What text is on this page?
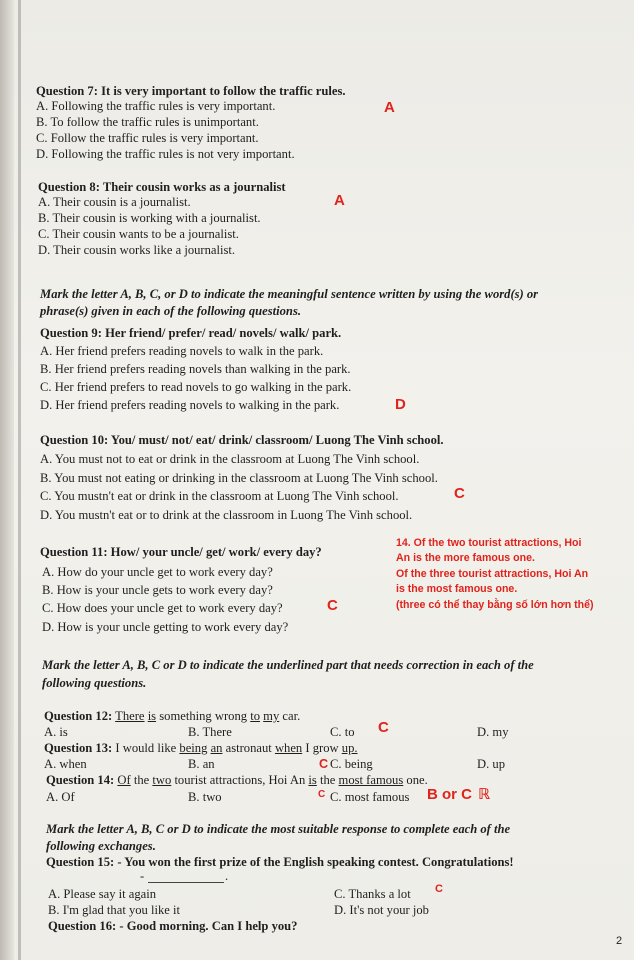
Question 7: It is very important to follow the traffic rules.
A. Following the traffic rules is very important.
B. To follow the traffic rules is unimportant.
C. Follow the traffic rules is very important.
D. Following the traffic rules is not very important.
A
Question 8: Their cousin works as a journalist
A. Their cousin is a journalist.
B. Their cousin is working with a journalist.
C. Their cousin wants to be a journalist.
D. Their cousin works like a journalist.
A
Mark the letter A, B, C, or D to indicate the meaningful sentence written by using the word(s) or
phrase(s) given in each of the following questions.
Question 9: Her friend/ prefer/ read/ novels/ walk/ park.
A. Her friend prefers reading novels to walk in the park.
B. Her friend prefers reading novels than walking in the park.
C. Her friend prefers to read novels to go walking in the park.
D. Her friend prefers reading novels to walking in the park.	D
Question 10: You/ must/ not/ eat/ drink/ classroom/ Luong The Vinh school.
A. You must not to eat or drink in the classroom at Luong The Vinh school.
B. You must not eating or drinking in the classroom at Luong The Vinh school.
C. You mustn't eat or drink in the classroom at Luong The Vinh school.
D. You mustn't eat or to drink at the classroom in Luong The Vinh school.
C
Question 11: How/ your uncle/ get/ work/ every day?
A. How do your uncle get to work every day?
B. How is your uncle gets to work every day?
C. How does your uncle get to work every day?
D. How is your uncle getting to work every day?
C
14. Of the two tourist attractions, Hoi
An is the more famous one.
Of the three tourist attractions, Hoi An
is the most famous one.
(three có thể thay bằng số lớn hơn thể)
Mark the letter A, B, C or D to indicate the underlined part that needs correction in each of the
following questions.
Question 12: There is something wrong to my car.
A. is	B. There	C. to	D. my
C
Question 13: I would like being an astronaut when I grow up.
A. when	B. an	C C. being	D. up
Question 14: Of the two tourist attractions, Hoi An is the most famous one.
A. Of	B. two	C C. most famous B or C ℝ
Mark the letter A, B, C or D to indicate the most suitable response to complete each of the
following exchanges.
Question 15: - You won the first prize of the English speaking contest. Congratulations!
-	.
A. Please say it again	C. Thanks a lot C
B. I'm glad that you like it	D. It's not your job
Question 16: - Good morning. Can I help you?
2
